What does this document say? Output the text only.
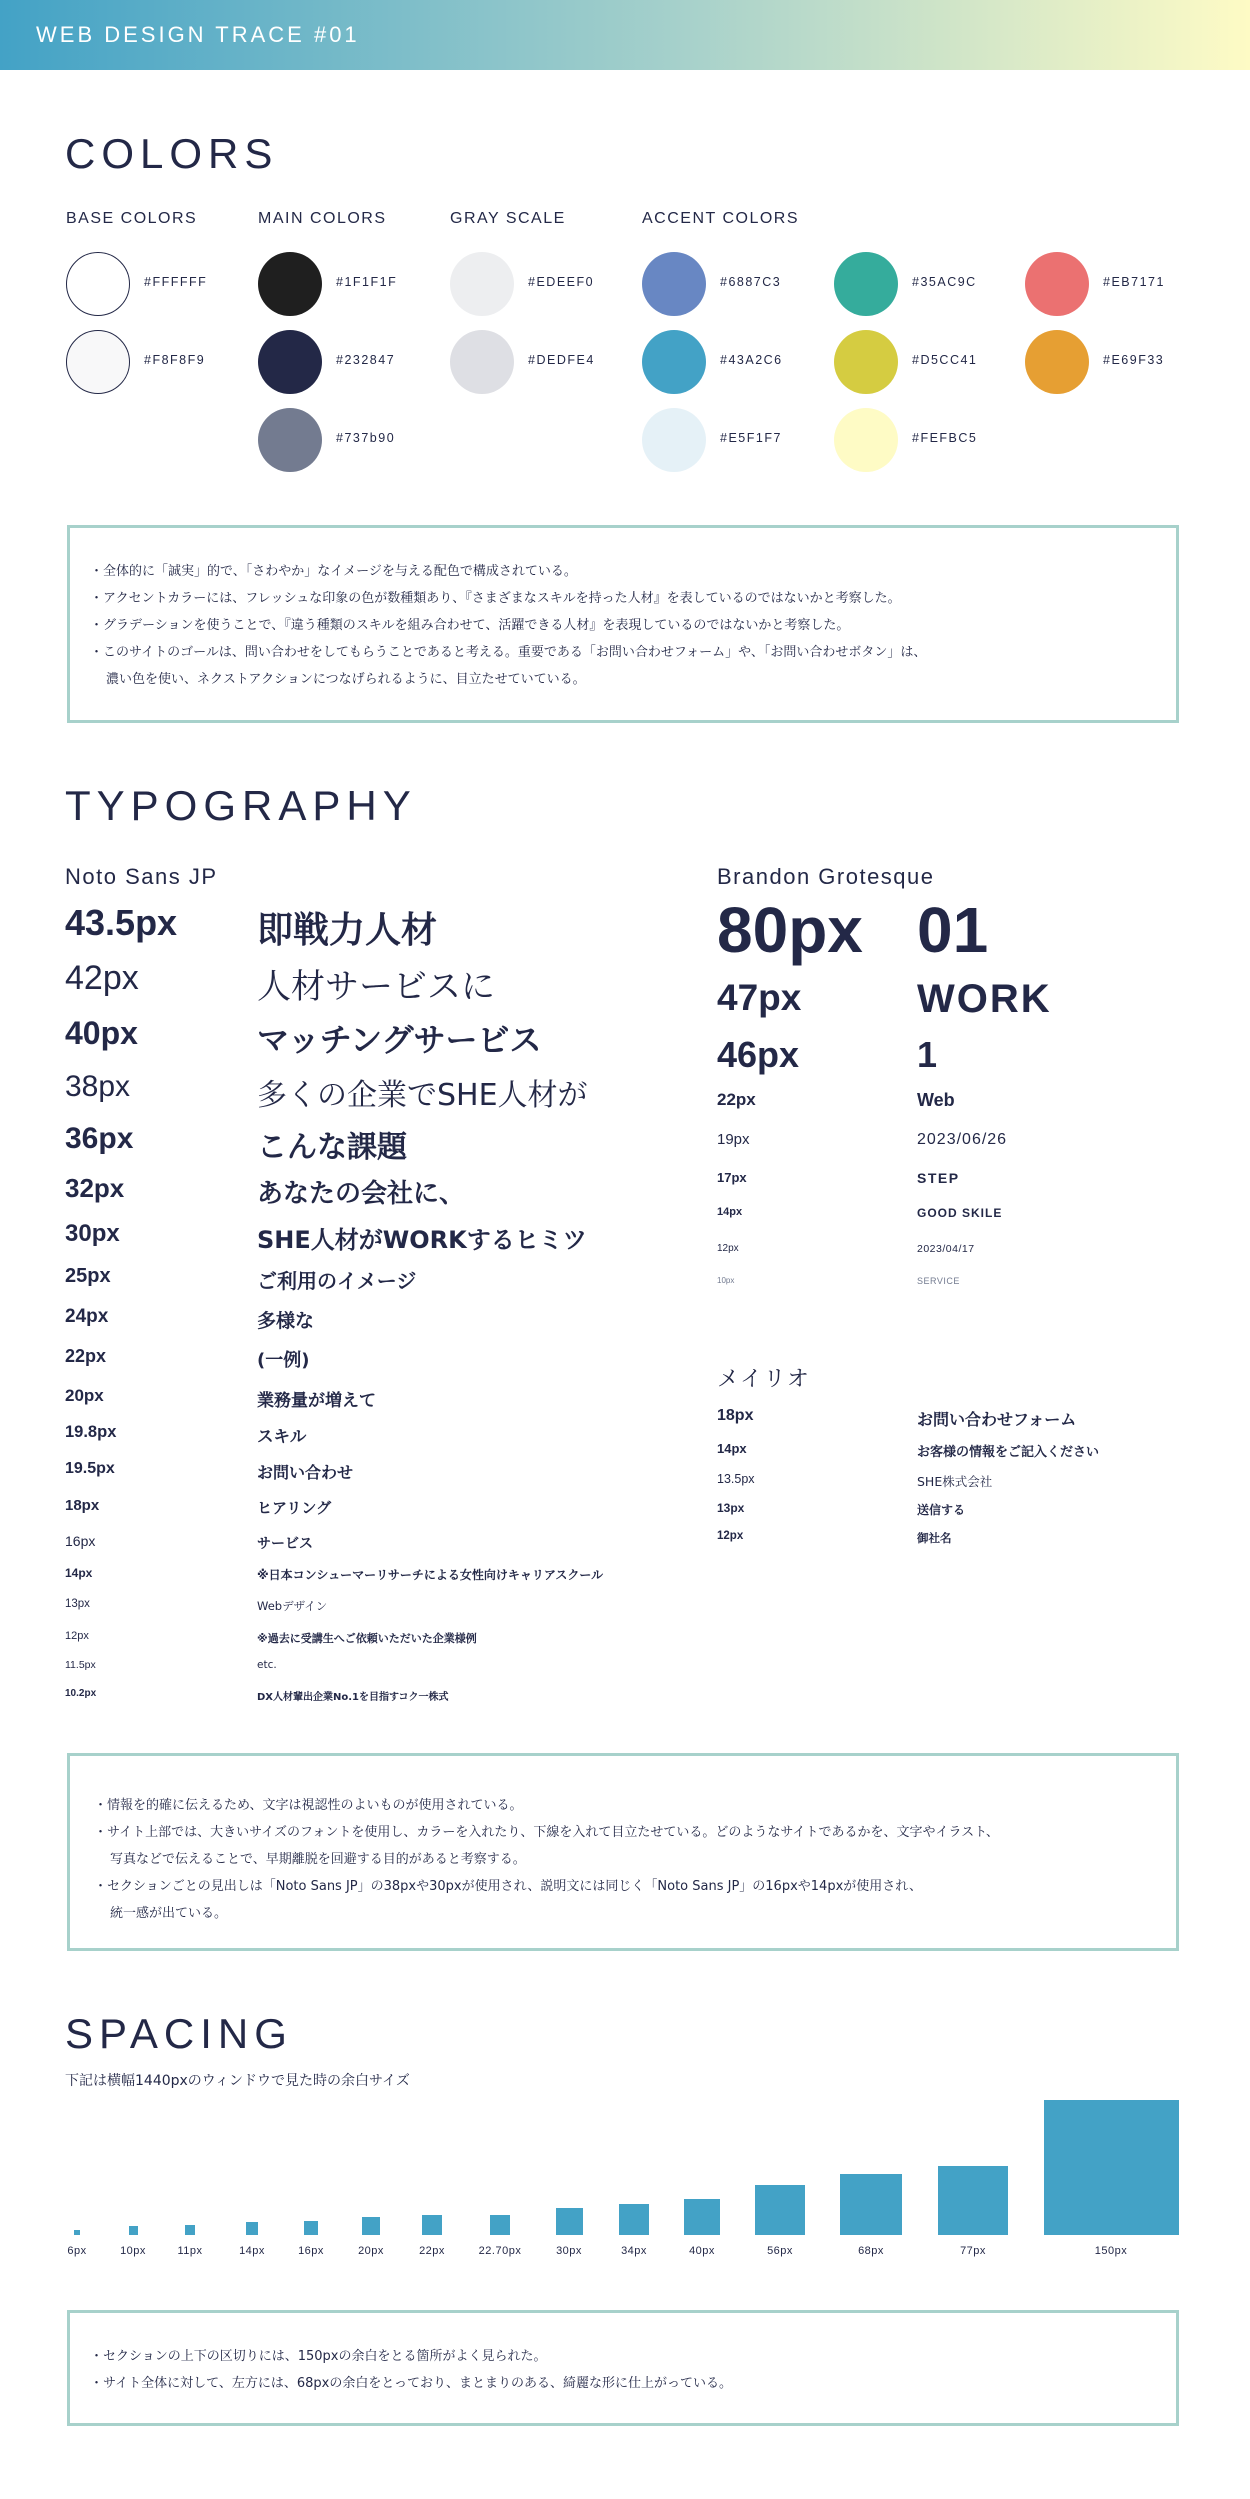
WEB DESIGN TRACE #01
COLORS
BASE COLORS	MAIN COLORS	GRAY SCALE	ACCENT COLORS
#FFFFFF
#F8F8F9
#1F1F1F
#232847
#737b90
#EDEEF0
#DEDFE4
#6887C3
#43A2C6
#E5F1F7
#35AC9C
#D5CC41
#FEFBC5
#EB7171
#E69F33

・全体的に「誠実」的で、「さわやか」なイメージを与える配色で構成されている。

・アクセントカラーには、フレッシュな印象の色が数種類あり、『さまざまなスキルを持った人材』を表しているのではないかと考察した。

・グラデーションを使うことで、『違う種類のスキルを組み合わせて、活躍できる人材』を表現しているのではないかと考察した。

・このサイトのゴールは、問い合わせをしてもらうことであると考える。重要である「お問い合わせフォーム」や、「お問い合わせボタン」は、

濃い色を使い、ネクストアクションにつなげられるように、目立たせていている。

TYPOGRAPHY
Noto Sans JP	Brandon Grotesque
メイリオ
43.5px 即戦力人材
42px	人材サービスに
40px	マッチングサービス
38px	多くの企業でSHE人材が
36px	こんな課題
32px	あなたの会社に、
30px	SHE人材がWORKするヒミツ
25px	ご利用のイメージ
24px	多様な
22px	(一例)
20px	業務量が増えて
19.8px	スキル
19.5px	お問い合わせ
18px	ヒアリング
16px	サービス
14px	※日本コンシューマーリサーチによる女性向けキャリアスクール
13px	Webデザイン
12px	※過去に受講生へご依頼いただいた企業様例
11.5px	etc.
10.2px	DX人材輩出企業No.1を目指すコク一株式
80px 01
47px	WORK
46px	1
22px	Web
19px	2023/06/26
17px	STEP
14px	GOOD SKILE
12px	2023/04/17
10px	SERVICE
18px	お問い合わせフォーム
14px	お客様の情報をご記入ください
13.5px	SHE株式会社
13px	送信する
12px	御社名

・情報を的確に伝えるため、文字は視認性のよいものが使用されている。

・サイト上部では、大きいサイズのフォントを使用し、カラーを入れたり、下線を入れて目立たせている。どのようなサイトであるかを、文字やイラスト、

写真などで伝えることで、早期離脱を回避する目的があると考察する。

・セクションごとの見出しは「Noto Sans JP」の38pxや30pxが使用され、説明文には同じく「Noto Sans JP」の16pxや14pxが使用され、

統一感が出ている。

SPACING
下記は横幅1440pxのウィンドウで見た時の余白サイズ
6px	10px	11px	14px	16px	20px	22px	22.70px	30px	34px	40px	56px	68px	77px	150px

・セクションの上下の区切りには、150pxの余白をとる箇所がよく見られた。

・サイト全体に対して、左方には、68pxの余白をとっており、まとまりのある、綺麗な形に仕上がっている。
